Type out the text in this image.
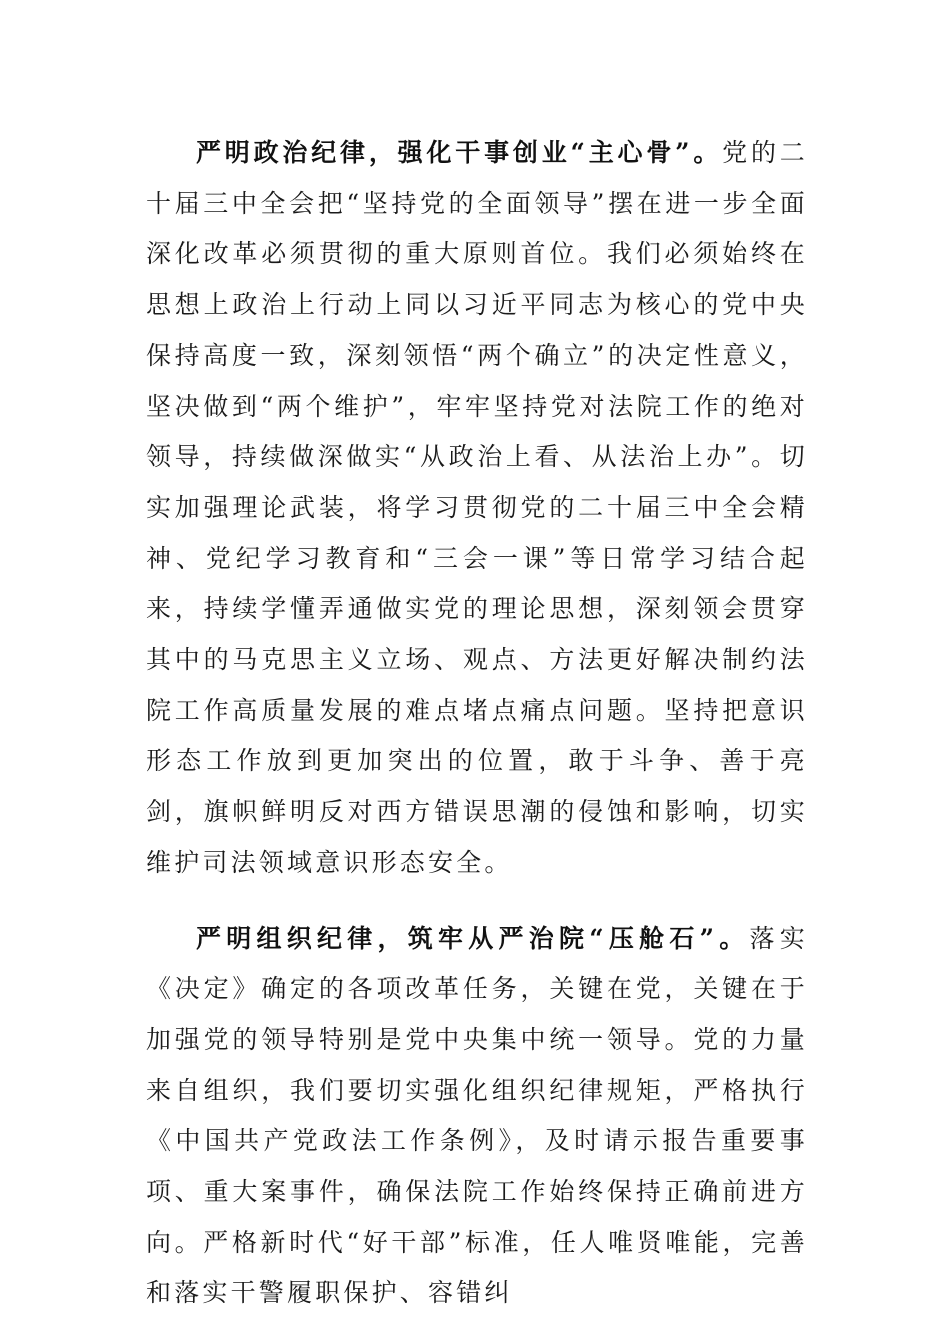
严明政治纪律，强化干事创业“主心骨”。党的二十届三中全会把“坚持党的全面领导”摆在进一步全面深化改革必须贯彻的重大原则首位。我们必须始终在思想上政治上行动上同以习近平同志为核心的党中央保持高度一致，深刻领悟“两个确立”的决定性意义，坚决做到“两个维护”，牢牢坚持党对法院工作的绝对领导，持续做深做实“从政治上看、从法治上办”。切实加强理论武装，将学习贯彻党的二十届三中全会精神、党纪学习教育和“三会一课”等日常学习结合起来，持续学懂弄通做实党的理论思想，深刻领会贯穿其中的马克思主义立场、观点、方法更好解决制约法院工作高质量发展的难点堵点痛点问题。坚持把意识形态工作放到更加突出的位置，敢于斗争、善于亮剑，旗帜鲜明反对西方错误思潮的侵蚀和影响，切实维护司法领域意识形态安全。

严明组织纪律，筑牢从严治院“压舱石”。落实《决定》确定的各项改革任务，关键在党，关键在于加强党的领导特别是党中央集中统一领导。党的力量来自组织，我们要切实强化组织纪律规矩，严格执行《中国共产党政法工作条例》，及时请示报告重要事项、重大案事件，确保法院工作始终保持正确前进方向。严格新时代“好干部”标准，任人唯贤唯能，完善和落实干警履职保护、容错纠
